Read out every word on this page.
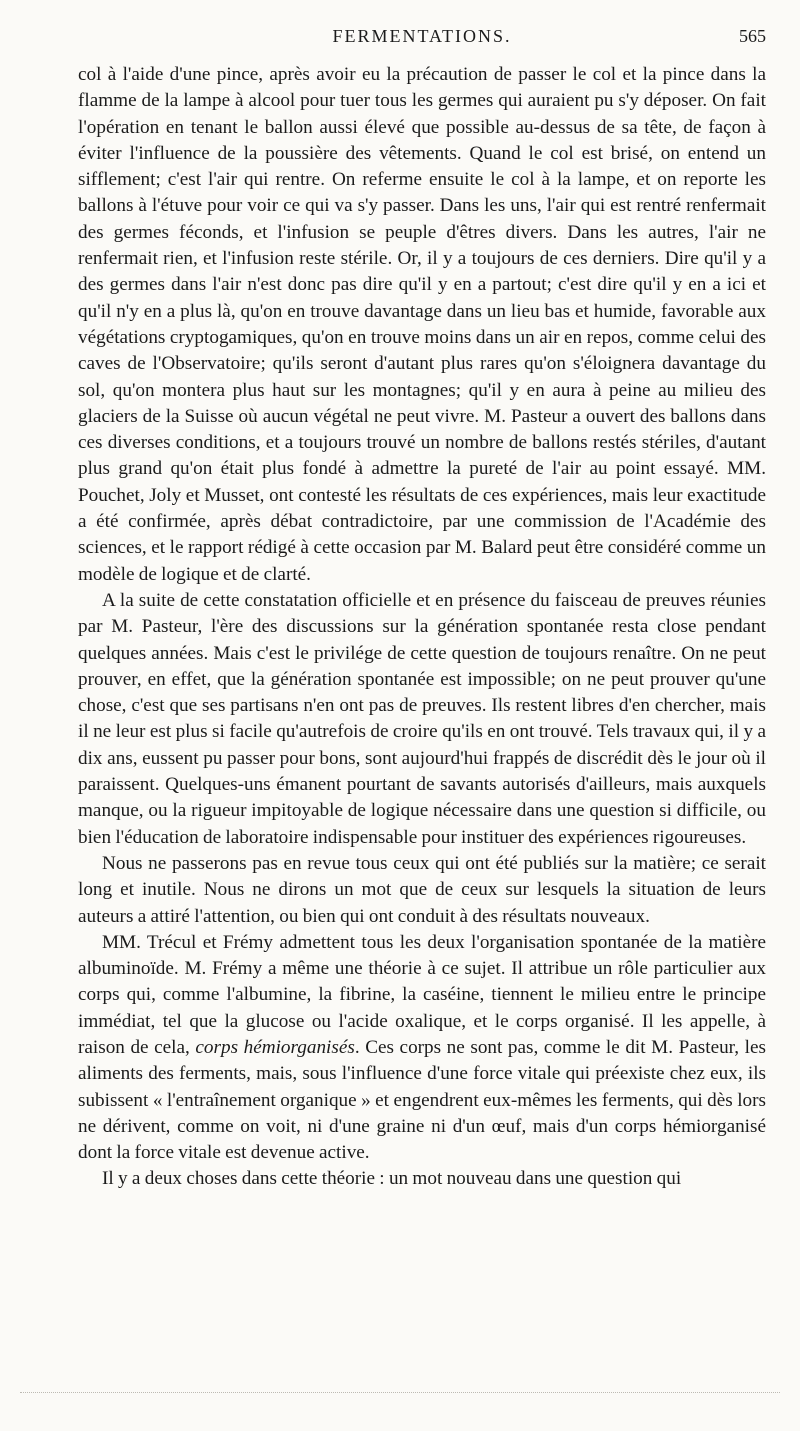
FERMENTATIONS.	565

col à l'aide d'une pince, après avoir eu la précaution de passer le col et la pince dans la flamme de la lampe à alcool pour tuer tous les germes qui auraient pu s'y déposer. On fait l'opération en tenant le ballon aussi élevé que possible au-dessus de sa tête, de façon à éviter l'influence de la poussière des vêtements. Quand le col est brisé, on entend un sifflement; c'est l'air qui rentre. On referme ensuite le col à la lampe, et on reporte les ballons à l'étuve pour voir ce qui va s'y passer. Dans les uns, l'air qui est rentré renfermait des germes féconds, et l'infusion se peuple d'êtres divers. Dans les autres, l'air ne renfermait rien, et l'infusion reste stérile. Or, il y a toujours de ces derniers. Dire qu'il y a des germes dans l'air n'est donc pas dire qu'il y en a partout; c'est dire qu'il y en a ici et qu'il n'y en a plus là, qu'on en trouve davantage dans un lieu bas et humide, favorable aux végétations cryptogamiques, qu'on en trouve moins dans un air en repos, comme celui des caves de l'Observatoire; qu'ils seront d'autant plus rares qu'on s'éloignera davantage du sol, qu'on montera plus haut sur les montagnes; qu'il y en aura à peine au milieu des glaciers de la Suisse où aucun végétal ne peut vivre. M. Pasteur a ouvert des ballons dans ces diverses conditions, et a toujours trouvé un nombre de ballons restés stériles, d'autant plus grand qu'on était plus fondé à admettre la pureté de l'air au point essayé. MM. Pouchet, Joly et Musset, ont contesté les résultats de ces expériences, mais leur exactitude a été confirmée, après débat contradictoire, par une commission de l'Académie des sciences, et le rapport rédigé à cette occasion par M. Balard peut être considéré comme un modèle de logique et de clarté.

A la suite de cette constatation officielle et en présence du faisceau de preuves réunies par M. Pasteur, l'ère des discussions sur la génération spontanée resta close pendant quelques années. Mais c'est le privilége de cette question de toujours renaître. On ne peut prouver, en effet, que la génération spontanée est impossible; on ne peut prouver qu'une chose, c'est que ses partisans n'en ont pas de preuves. Ils restent libres d'en chercher, mais il ne leur est plus si facile qu'autrefois de croire qu'ils en ont trouvé. Tels travaux qui, il y a dix ans, eussent pu passer pour bons, sont aujourd'hui frappés de discrédit dès le jour où il paraissent. Quelques-uns émanent pourtant de savants autorisés d'ailleurs, mais auxquels manque, ou la rigueur impitoyable de logique nécessaire dans une question si difficile, ou bien l'éducation de laboratoire indispensable pour instituer des expériences rigoureuses.

Nous ne passerons pas en revue tous ceux qui ont été publiés sur la matière; ce serait long et inutile. Nous ne dirons un mot que de ceux sur lesquels la situation de leurs auteurs a attiré l'attention, ou bien qui ont conduit à des résultats nouveaux.

MM. Trécul et Frémy admettent tous les deux l'organisation spontanée de la matière albuminoïde. M. Frémy a même une théorie à ce sujet. Il attribue un rôle particulier aux corps qui, comme l'albumine, la fibrine, la caséine, tiennent le milieu entre le principe immédiat, tel que la glucose ou l'acide oxalique, et le corps organisé. Il les appelle, à raison de cela, corps hémiorganisés. Ces corps ne sont pas, comme le dit M. Pasteur, les aliments des ferments, mais, sous l'influence d'une force vitale qui préexiste chez eux, ils subissent « l'entraînement organique » et engendrent eux-mêmes les ferments, qui dès lors ne dérivent, comme on voit, ni d'une graine ni d'un œuf, mais d'un corps hémiorganisé dont la force vitale est devenue active.

Il y a deux choses dans cette théorie : un mot nouveau dans une question qui
